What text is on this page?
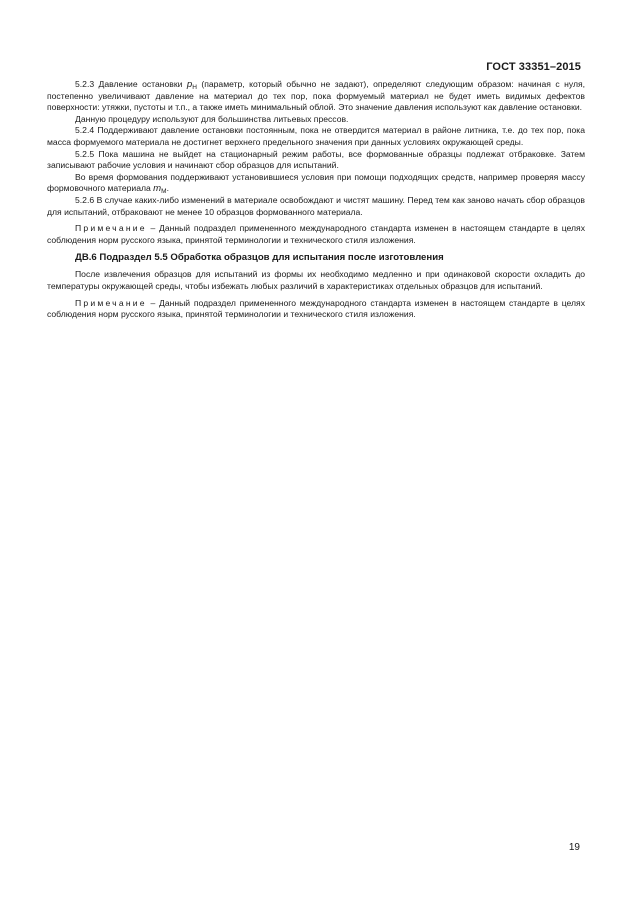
ГОСТ 33351–2015

5.2.3 Давление остановки $p_Н$ (параметр, который обычно не задают), определяют следующим образом: начиная с нуля, постепенно увеличивают давление на материал до тех пор, пока формуемый материал не будет иметь видимых дефектов поверхности: утяжки, пустоты и т.п., а также иметь минимальный облой. Это значение давления используют как давление остановки.

Данную процедуру используют для большинства литьевых прессов.

5.2.4 Поддерживают давление остановки постоянным, пока не отвердится материал в районе литника, т.е. до тех пор, пока масса формуемого материала не достигнет верхнего предельного значения при данных условиях окружающей среды.

5.2.5 Пока машина не выйдет на стационарный режим работы, все формованные образцы подлежат отбраковке. Затем записывают рабочие условия и начинают сбор образцов для испытаний.

Во время формования поддерживают установившиеся условия при помощи подходящих средств, например проверяя массу формовочного материала $m_М$.

5.2.6 В случае каких-либо изменений в материале освобождают и чистят машину. Перед тем как заново начать сбор образцов для испытаний, отбраковают не менее 10 образцов формованного материала.

Примечание – Данный подраздел примененного международного стандарта изменен в настоящем стандарте в целях соблюдения норм русского языка, принятой терминологии и технического стиля изложения.

ДВ.6 Подраздел 5.5 Обработка образцов для испытания после изготовления

После извлечения образцов для испытаний из формы их необходимо медленно и при одинаковой скорости охладить до температуры окружающей среды, чтобы избежать любых различий в характеристиках отдельных образцов для испытаний.

Примечание – Данный подраздел примененного международного стандарта изменен в настоящем стандарте в целях соблюдения норм русского языка, принятой терминологии и технического стиля изложения.

19
